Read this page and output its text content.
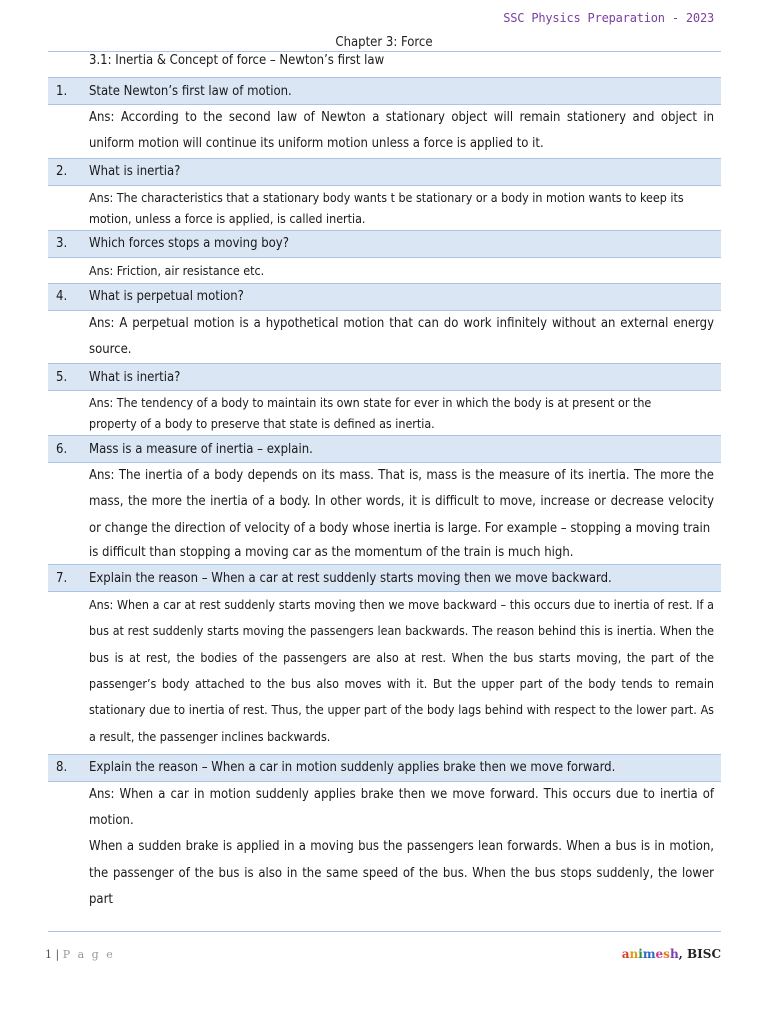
SSC Physics Preparation - 2023
Chapter 3: Force
3.1: Inertia & Concept of force – Newton’s first law
1.	State Newton’s first law of motion.

Ans: According to the second law of Newton a stationary object will remain stationery and object in uniform motion will continue its uniform motion unless a force is applied to it.

2.	What is inertia?

Ans: The characteristics that a stationary body wants t be stationary or a body in motion wants to keep its

motion, unless a force is applied, is called inertia.

3.	Which forces stops a moving boy?

Ans: Friction, air resistance etc.

4.	What is perpetual motion?

Ans: A perpetual motion is a hypothetical motion that can do work infinitely without an external energy source.

5.	What is inertia?

Ans: The tendency of a body to maintain its own state for ever in which the body is at present or the

property of a body to preserve that state is defined as inertia.

6.	Mass is a measure of inertia – explain.

Ans: The inertia of a body depends on its mass. That is, mass is the measure of its inertia. The more the mass, the more the inertia of a body. In other words, it is difficult to move, increase or decrease velocity or change the direction of velocity of a body whose inertia is large. For example – stopping a moving train

is difficult than stopping a moving car as the momentum of the train is much high.

7.	Explain the reason – When a car at rest suddenly starts moving then we move backward.

Ans: When a car at rest suddenly starts moving then we move backward – this occurs due to inertia of rest. If a bus at rest suddenly starts moving the passengers lean backwards. The reason behind this is inertia. When the bus is at rest, the bodies of the passengers are also at rest. When the bus starts moving, the part of the passenger’s body attached to the bus also moves with it. But the upper part of the body tends to remain stationary due to inertia of rest. Thus, the upper part of the body lags behind with respect to the lower part. As a result, the passenger inclines backwards.

8.	Explain the reason – When a car in motion suddenly applies brake then we move forward.

Ans: When a car in motion suddenly applies brake then we move forward. This occurs due to inertia of motion.

When a sudden brake is applied in a moving bus the passengers lean forwards. When a bus is in motion, the passenger of the bus is also in the same speed of the bus. When the bus stops suddenly, the lower part

1 | P a g e	animesh, BISC
